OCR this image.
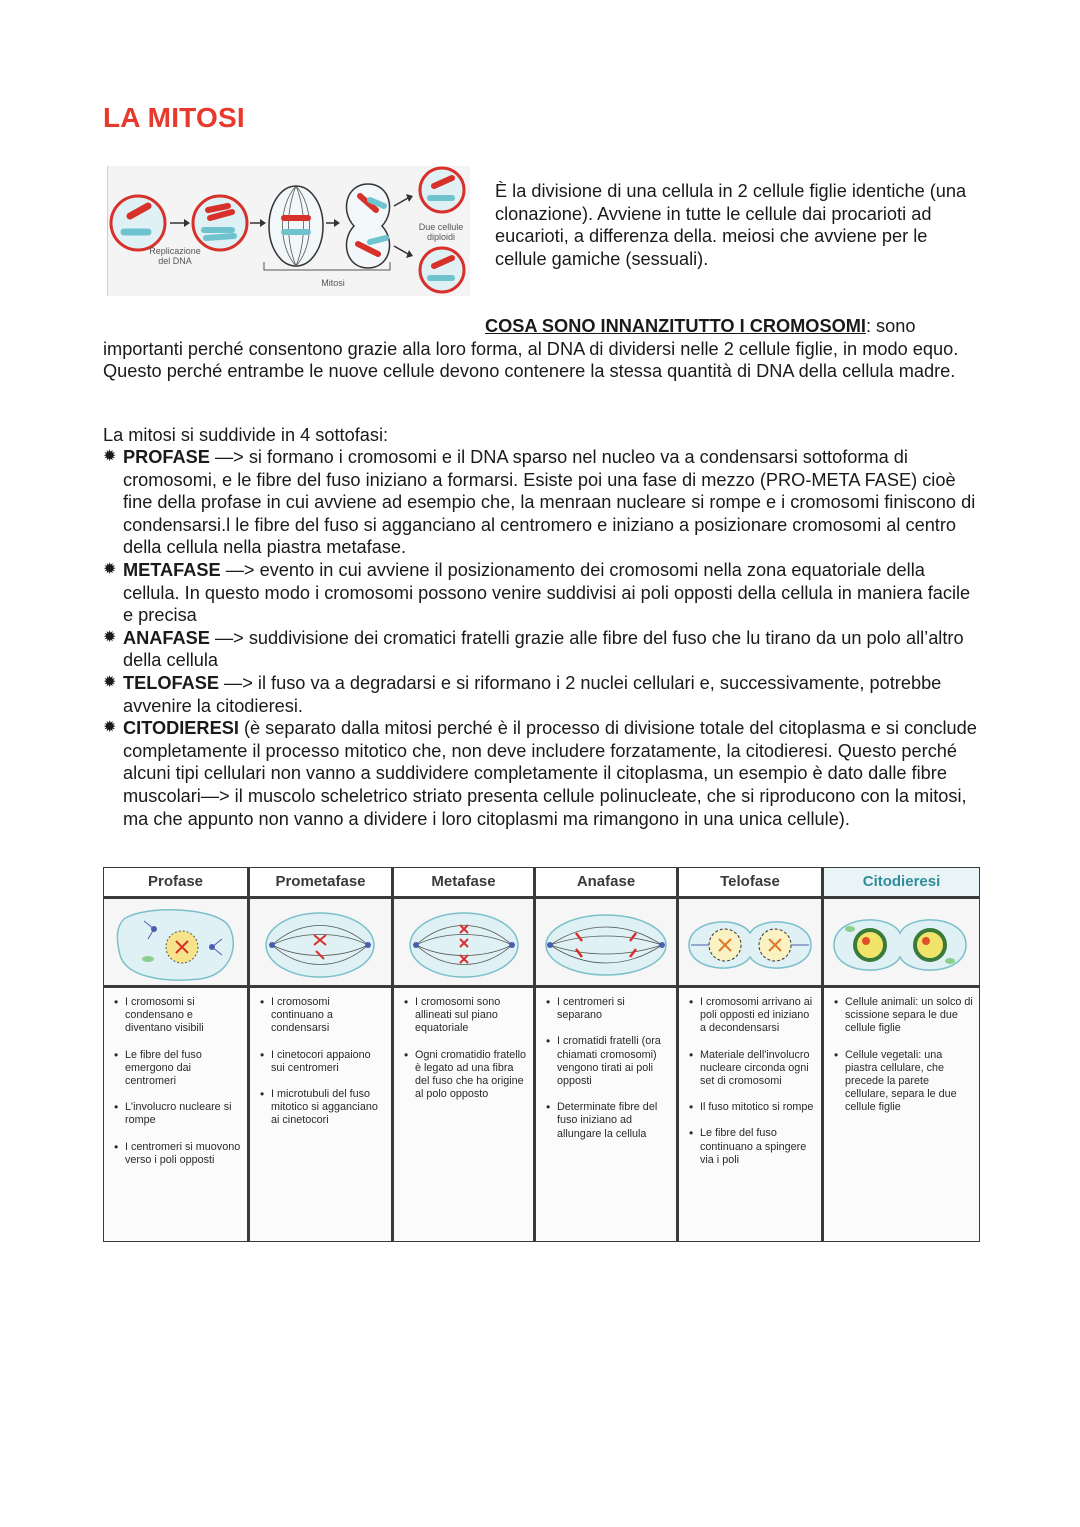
LA MITOSI
Replicazione del DNA
Due cellule diploidi
Mitosi

È la divisione di una cellula in 2 cellule figlie identiche (una clonazione). Avviene in tutte le cellule dai procarioti ad eucarioti, a differenza della. meiosi che avviene per le cellule gamiche (sessuali).

COSA SONO INNANZITUTTO I CROMOSOMI: sono importanti perché consentono grazie alla loro forma, al DNA di dividersi nelle 2 cellule figlie, in modo equo. Questo perché entrambe le nuove cellule devono contenere la stessa quantità di DNA della cellula madre.

La mitosi si suddivide in 4 sottofasi:

✹ PROFASE —> si formano i cromosomi e il DNA sparso nel nucleo va a condensarsi sottoforma di cromosomi, e le fibre del fuso iniziano a formarsi. Esiste poi una fase di mezzo (PRO-META FASE) cioè fine della profase in cui avviene ad esempio che, la menraan nucleare si rompe e i cromosomi finiscono di condensarsi.l le fibre del fuso si agganciano al centromero e iniziano a posizionare cromosomi al centro della cellula nella piastra metafase.
✹ METAFASE —> evento in cui avviene il posizionamento dei cromosomi nella zona equatoriale della cellula. In questo modo i cromosomi possono venire suddivisi ai poli opposti della cellula in maniera facile e precisa
✹ ANAFASE —> suddivisione dei cromatici fratelli grazie alle fibre del fuso che lu tirano da un polo all’altro della cellula
✹ TELOFASE —> il fuso va a degradarsi e si riformano i 2 nuclei cellulari e, successivamente, potrebbe avvenire la citodieresi.
✹ CITODIERESI (è separato dalla mitosi perché è il processo di divisione totale del citoplasma e si conclude completamente il processo mitotico che, non deve includere forzatamente, la citodieresi. Questo perché alcuni tipi cellulari non vanno a suddividere completamente il citoplasma, un esempio è dato dalle fibre muscolari—> il muscolo scheletrico striato presenta cellule polinucleate, che si riproducono con la mitosi, ma che appunto non vanno a dividere i loro citoplasmi ma rimangono in una unica cellule).
Profase
• I cromosomi si condensano e diventano visibili
• Le fibre del fuso emergono dai centromeri
• L'involucro nucleare si rompe
• I centromeri si muovono verso i poli opposti
Prometafase
• I cromosomi continuano a condensarsi
• I cinetocori appaiono sui centromeri
• I microtubuli del fuso mitotico si agganciano ai cinetocori
Metafase
• I cromosomi sono allineati sul piano equatoriale
• Ogni cromatidio fratello è legato ad una fibra del fuso che ha origine al polo opposto
Anafase
• I centromeri si separano
• I cromatidi fratelli (ora chiamati cromosomi) vengono tirati ai poli opposti
• Determinate fibre del fuso iniziano ad allungare la cellula
Telofase
• I cromosomi arrivano ai poli opposti ed iniziano a decondensarsi
• Materiale dell'involucro nucleare circonda ogni set di cromosomi
• Il fuso mitotico si rompe
• Le fibre del fuso continuano a spingere via i poli
Citodieresi
• Cellule animali: un solco di scissione separa le due cellule figlie
• Cellule vegetali: una piastra cellulare, che precede la parete cellulare, separa le due cellule figlie
